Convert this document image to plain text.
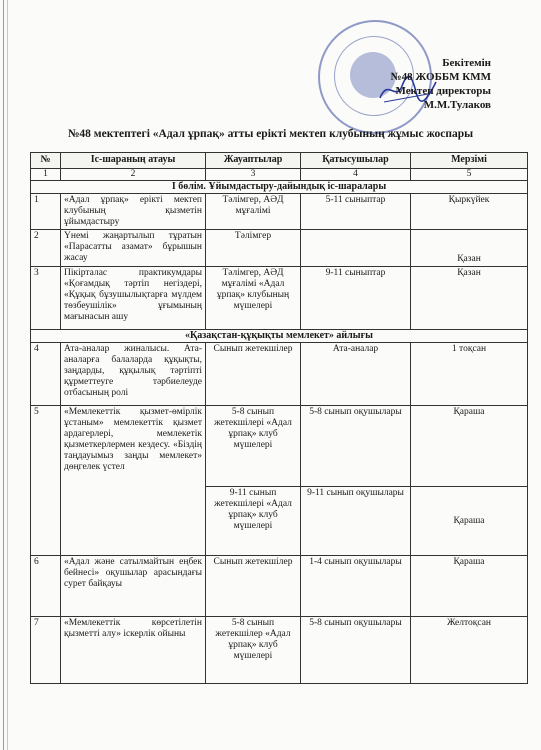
Бекітемін
№48 ЖОББМ КММ
Мектеп директоры
М.М.Тулаков
№48 мектептегі «Адал ұрпақ» атты ерікті мектеп клубының жұмыс жоспары
№	Іс-шараның атауы	Жауаптылар	Қатысушылар	Мерзімі
1	2	3	4	5
I бөлім. Ұйымдастыру-дайындық іс-шаралары				
1	«Адал ұрпақ» ерікті мектеп клубының қызметін ұйымдастыру	Тәлімгер, АӘД мұғалімі	5-11 сыныптар	Қыркүйек
2	Үнемі жаңартылып тұратын «Парасатты азамат» бұрышын жасау	Тәлімгер		Қазан
3	Пікірталас практикумдары «Қоғамдық тәртіп негіздері, «Құқық бұзушылықтарға мүлдем төзбеушілік» ұғымының мағынасын ашу	Тәлімгер, АӘД мұғалімі «Адал ұрпақ» клубының мүшелері	9-11 сыныптар	Қазан
«Қазақстан-құқықты мемлекет» айлығы				
4	Ата-аналар жиналысы. Ата-аналарға балаларда құқықты, заңдарды, құқылық тәртіпті құрметтеуге тәрбиелеуде отбасының ролі	Сынып жетекшілер	Ата-аналар	1 тоқсан
5	«Мемлекеттік қызмет-өмірлік ұстаным» мемлекеттік қызмет ардагерлері, мемлекетік қызметкерлермен кездесу. «Біздің таңдауымыз заңды мемлекет» дөңгелек үстел	5-8 сынып жетекшілері «Адал ұрпақ» клуб мүшелері	5-8 сынып оқушылары	Қараша
		9-11 сынып жетекшілері «Адал ұрпақ» клуб мүшелері	9-11 сынып оқушылары	Қараша
6	«Адал және сатылмайтын еңбек бейнесі» оқушылар арасындағы сурет байқауы	Сынып жетекшілер	1-4 сынып оқушылары	Қараша
7	«Мемлекеттік көрсетілетін қызметті алу» іскерлік ойыны	5-8 сынып жетекшілер «Адал ұрпақ» клуб мүшелері	5-8 сынып оқушылары	Желтоқсан
